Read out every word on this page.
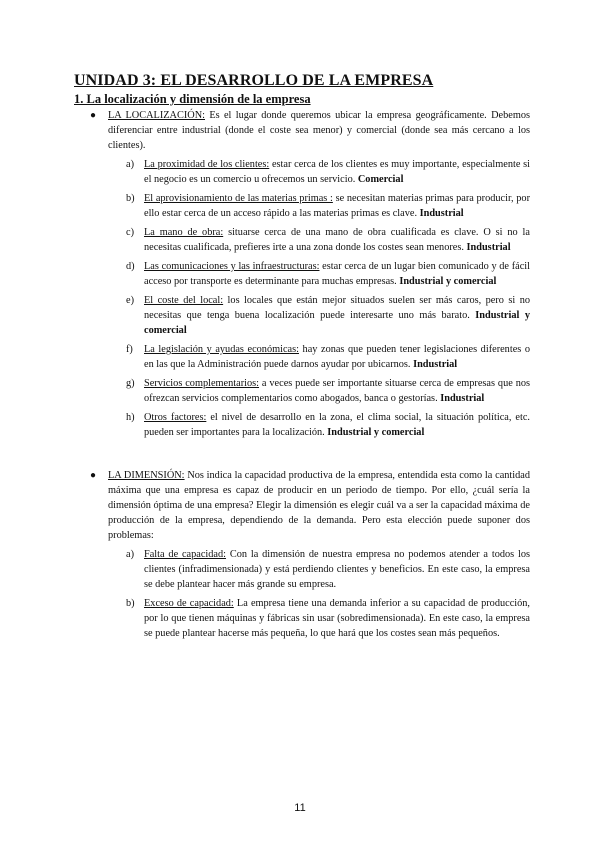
UNIDAD 3: EL DESARROLLO DE LA EMPRESA
1. La localización y dimensión de la empresa
● LA LOCALIZACIÓN: Es el lugar donde queremos ubicar la empresa geográficamente. Debemos diferenciar entre industrial (donde el coste sea menor) y comercial (donde sea más cercano a los clientes).
a) La proximidad de los clientes: estar cerca de los clientes es muy importante, especialmente si el negocio es un comercio u ofrecemos un servicio. Comercial
b) El aprovisionamiento de las materias primas : se necesitan materias primas para producir, por ello estar cerca de un acceso rápido a las materias primas es clave. Industrial
c) La mano de obra: situarse cerca de una mano de obra cualificada es clave. O si no la necesitas cualificada, prefieres irte a una zona donde los costes sean menores. Industrial
d) Las comunicaciones y las infraestructuras: estar cerca de un lugar bien comunicado y de fácil acceso por transporte es determinante para muchas empresas. Industrial y comercial
e) El coste del local: los locales que están mejor situados suelen ser más caros, pero si no necesitas que tenga buena localización puede interesarte uno más barato. Industrial y comercial
f) La legislación y ayudas económicas: hay zonas que pueden tener legislaciones diferentes o en las que la Administración puede darnos ayudar por ubicarnos. Industrial
g) Servicios complementarios: a veces puede ser importante situarse cerca de empresas que nos ofrezcan servicios complementarios como abogados, banca o gestorías. Industrial
h) Otros factores: el nivel de desarrollo en la zona, el clima social, la situación política, etc. pueden ser importantes para la localización. Industrial y comercial
● LA DIMENSIÓN: Nos indica la capacidad productiva de la empresa, entendida esta como la cantidad máxima que una empresa es capaz de producir en un periodo de tiempo. Por ello, ¿cuál sería la dimensión óptima de una empresa? Elegir la dimensión es elegir cuál va a ser la capacidad máxima de producción de la empresa, dependiendo de la demanda. Pero esta elección puede suponer dos problemas:
a) Falta de capacidad: Con la dimensión de nuestra empresa no podemos atender a todos los clientes (infradimensionada) y está perdiendo clientes y beneficios. En este caso, la empresa se debe plantear hacer más grande su empresa.
b) Exceso de capacidad: La empresa tiene una demanda inferior a su capacidad de producción, por lo que tienen máquinas y fábricas sin usar (sobredimensionada). En este caso, la empresa se puede plantear hacerse más pequeña, lo que hará que los costes sean más pequeños.
11
